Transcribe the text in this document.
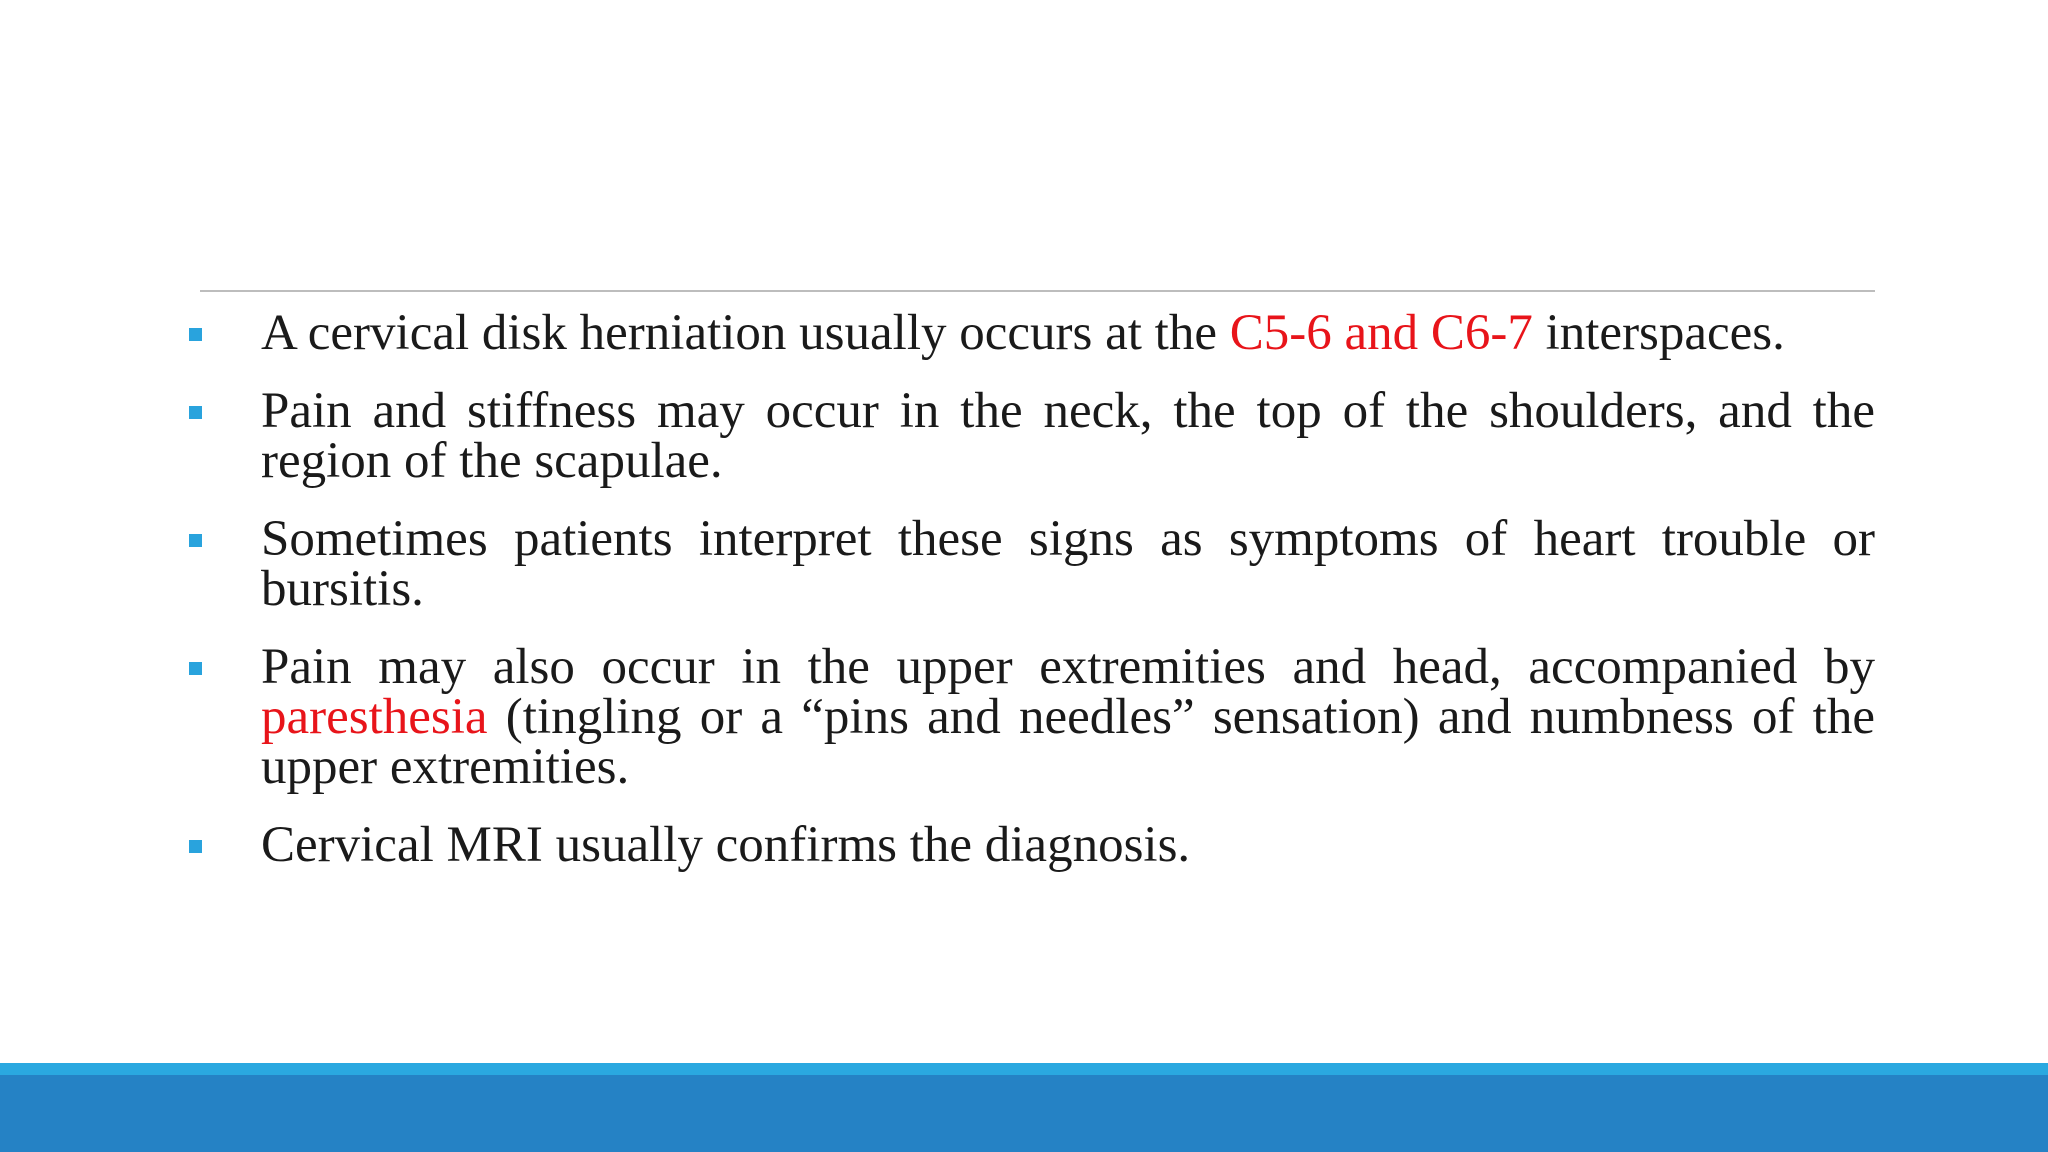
A cervical disk herniation usually occurs at the C5-6 and C6-7 interspaces.
Pain and stiffness may occur in the neck, the top of the shoulders, and the region of the scapulae.
Sometimes patients interpret these signs as symptoms of heart trouble or bursitis.
Pain may also occur in the upper extremities and head, accompanied by paresthesia (tingling or a “pins and needles” sensation) and numbness of the upper extremities.
Cervical MRI usually confirms the diagnosis.
